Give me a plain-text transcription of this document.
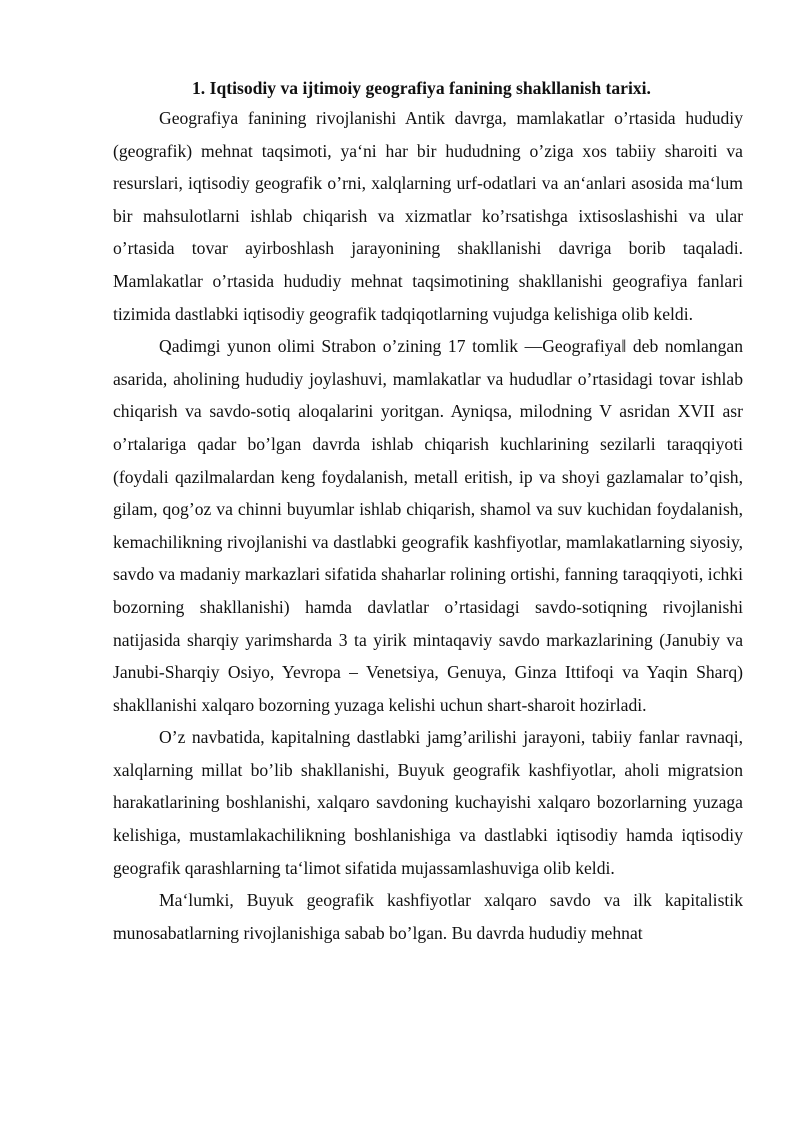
1. Iqtisodiy va ijtimoiy geografiya fanining shakllanish tarixi.

Geografiya fanining rivojlanishi Antik davrga, mamlakatlar o’rtasida hududiy (geografik) mehnat taqsimoti, ya‘ni har bir hududning o’ziga xos tabiiy sharoiti va resurslari, iqtisodiy geografik o’rni, xalqlarning urf-odatlari va an‘anlari asosida ma‘lum bir mahsulotlarni ishlab chiqarish va xizmatlar ko’rsatishga ixtisoslashishi va ular o’rtasida tovar ayirboshlash jarayonining shakllanishi davriga borib taqaladi. Mamlakatlar o’rtasida hududiy mehnat taqsimotining shakllanishi geografiya fanlari tizimida dastlabki iqtisodiy geografik tadqiqotlarning vujudga kelishiga olib keldi.

Qadimgi yunon olimi Strabon o’zining 17 tomlik ―Geografiya‖ deb nomlangan asarida, aholining hududiy joylashuvi, mamlakatlar va hududlar o’rtasidagi tovar ishlab chiqarish va savdo-sotiq aloqalarini yoritgan. Ayniqsa, milodning V asridan XVII asr o’rtalariga qadar bo’lgan davrda ishlab chiqarish kuchlarining sezilarli taraqqiyoti (foydali qazilmalardan keng foydalanish, metall eritish, ip va shoyi gazlamalar to’qish, gilam, qog’oz va chinni buyumlar ishlab chiqarish, shamol va suv kuchidan foydalanish, kemachilikning rivojlanishi va dastlabki geografik kashfiyotlar, mamlakatlarning siyosiy, savdo va madaniy markazlari sifatida shaharlar rolining ortishi, fanning taraqqiyoti, ichki bozorning shakllanishi) hamda davlatlar o’rtasidagi savdo-sotiqning rivojlanishi natijasida sharqiy yarimsharda 3 ta yirik mintaqaviy savdo markazlarining (Janubiy va Janubi-Sharqiy Osiyo, Yevropa – Venetsiya, Genuya, Ginza Ittifoqi va Yaqin Sharq) shakllanishi xalqaro bozorning yuzaga kelishi uchun shart-sharoit hozirladi.

O’z navbatida, kapitalning dastlabki jamg’arilishi jarayoni, tabiiy fanlar ravnaqi, xalqlarning millat bo’lib shakllanishi, Buyuk geografik kashfiyotlar, aholi migratsion harakatlarining boshlanishi, xalqaro savdoning kuchayishi xalqaro bozorlarning yuzaga kelishiga, mustamlakachilikning boshlanishiga va dastlabki iqtisodiy hamda iqtisodiy geografik qarashlarning ta‘limot sifatida mujassamlashuviga olib keldi.

Ma‘lumki, Buyuk geografik kashfiyotlar xalqaro savdo va ilk kapitalistik munosabatlarning rivojlanishiga sabab bo’lgan. Bu davrda hududiy mehnat
